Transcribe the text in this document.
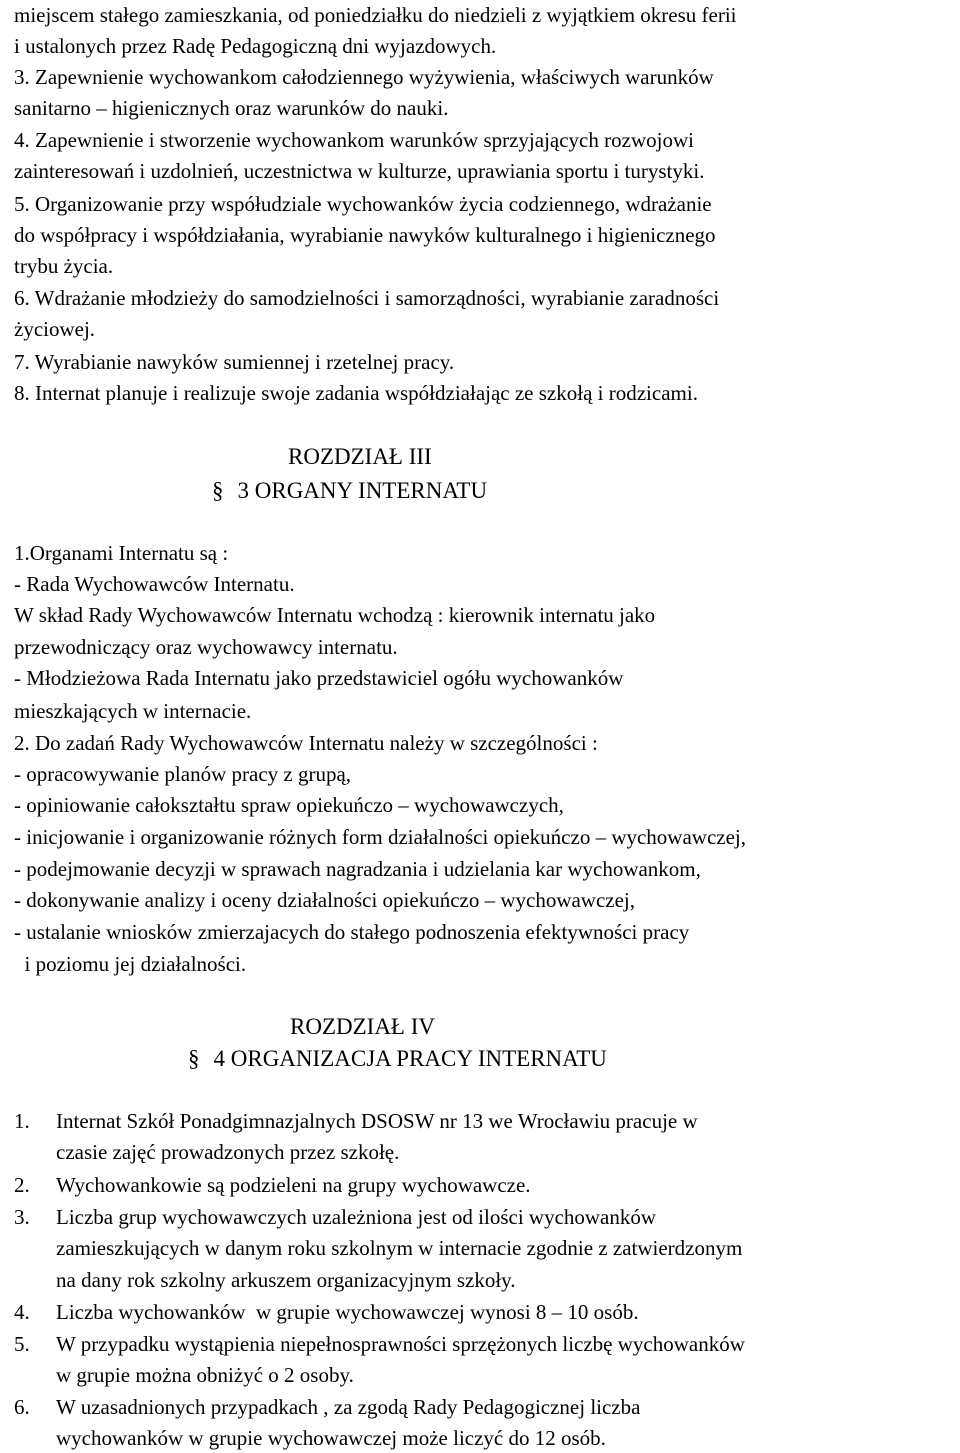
miejscem stałego zamieszkania, od poniedziałku do niedzieli z wyjątkiem okresu ferii
i ustalonych przez Radę Pedagogiczną dni wyjazdowych.
3. Zapewnienie wychowankom całodziennego wyżywienia, właściwych warunków
sanitarno – higienicznych oraz warunków do nauki.
4. Zapewnienie i stworzenie wychowankom warunków sprzyjających rozwojowi
zainteresowań i uzdolnień, uczestnictwa w kulturze, uprawiania sportu i turystyki.
5. Organizowanie przy współudziale wychowanków życia codziennego, wdrażanie
do współpracy i współdziałania, wyrabianie nawyków kulturalnego i higienicznego
trybu życia.
6. Wdrażanie młodzieży do samodzielności i samorządności, wyrabianie zaradności
życiowej.
7. Wyrabianie nawyków sumiennej i rzetelnej pracy.
8. Internat planuje i realizuje swoje zadania współdziałając ze szkołą i rodzicami.
ROZDZIAŁ III
§ 3 ORGANY INTERNATU
1.Organami Internatu są :
- Rada Wychowawców Internatu.
W skład Rady Wychowawców Internatu wchodzą : kierownik internatu jako
przewodniczący oraz wychowawcy internatu.
- Młodzieżowa Rada Internatu jako przedstawiciel ogółu wychowanków
mieszkających w internacie.
2. Do zadań Rady Wychowawców Internatu należy w szczególności :
- opracowywanie planów pracy z grupą,
- opiniowanie całokształtu spraw opiekuńczo – wychowawczych,
- inicjowanie i organizowanie różnych form działalności opiekuńczo – wychowawczej,
- podejmowanie decyzji w sprawach nagradzania i udzielania kar wychowankom,
- dokonywanie analizy i oceny działalności opiekuńczo – wychowawczej,
- ustalanie wniosków zmierzajacych do stałego podnoszenia efektywności pracy
i poziomu jej działalności.
ROZDZIAŁ IV
§ 4 ORGANIZACJA PRACY INTERNATU
1. Internat Szkół Ponadgimnazjalnych DSOSW nr 13 we Wrocławiu pracuje w
czasie zajęć prowadzonych przez szkołę.
2. Wychowankowie są podzieleni na grupy wychowawcze.
3. Liczba grup wychowawczych uzależniona jest od ilości wychowanków
zamieszkujących w danym roku szkolnym w internacie zgodnie z zatwierdzonym
na dany rok szkolny arkuszem organizacyjnym szkoły.
4. Liczba wychowanków  w grupie wychowawczej wynosi 8 – 10 osób.
5. W przypadku wystąpienia niepełnosprawności sprzężonych liczbę wychowanków
w grupie można obniżyć o 2 osoby.
6. W uzasadnionych przypadkach , za zgodą Rady Pedagogicznej liczba
wychowanków w grupie wychowawczej może liczyć do 12 osób.
